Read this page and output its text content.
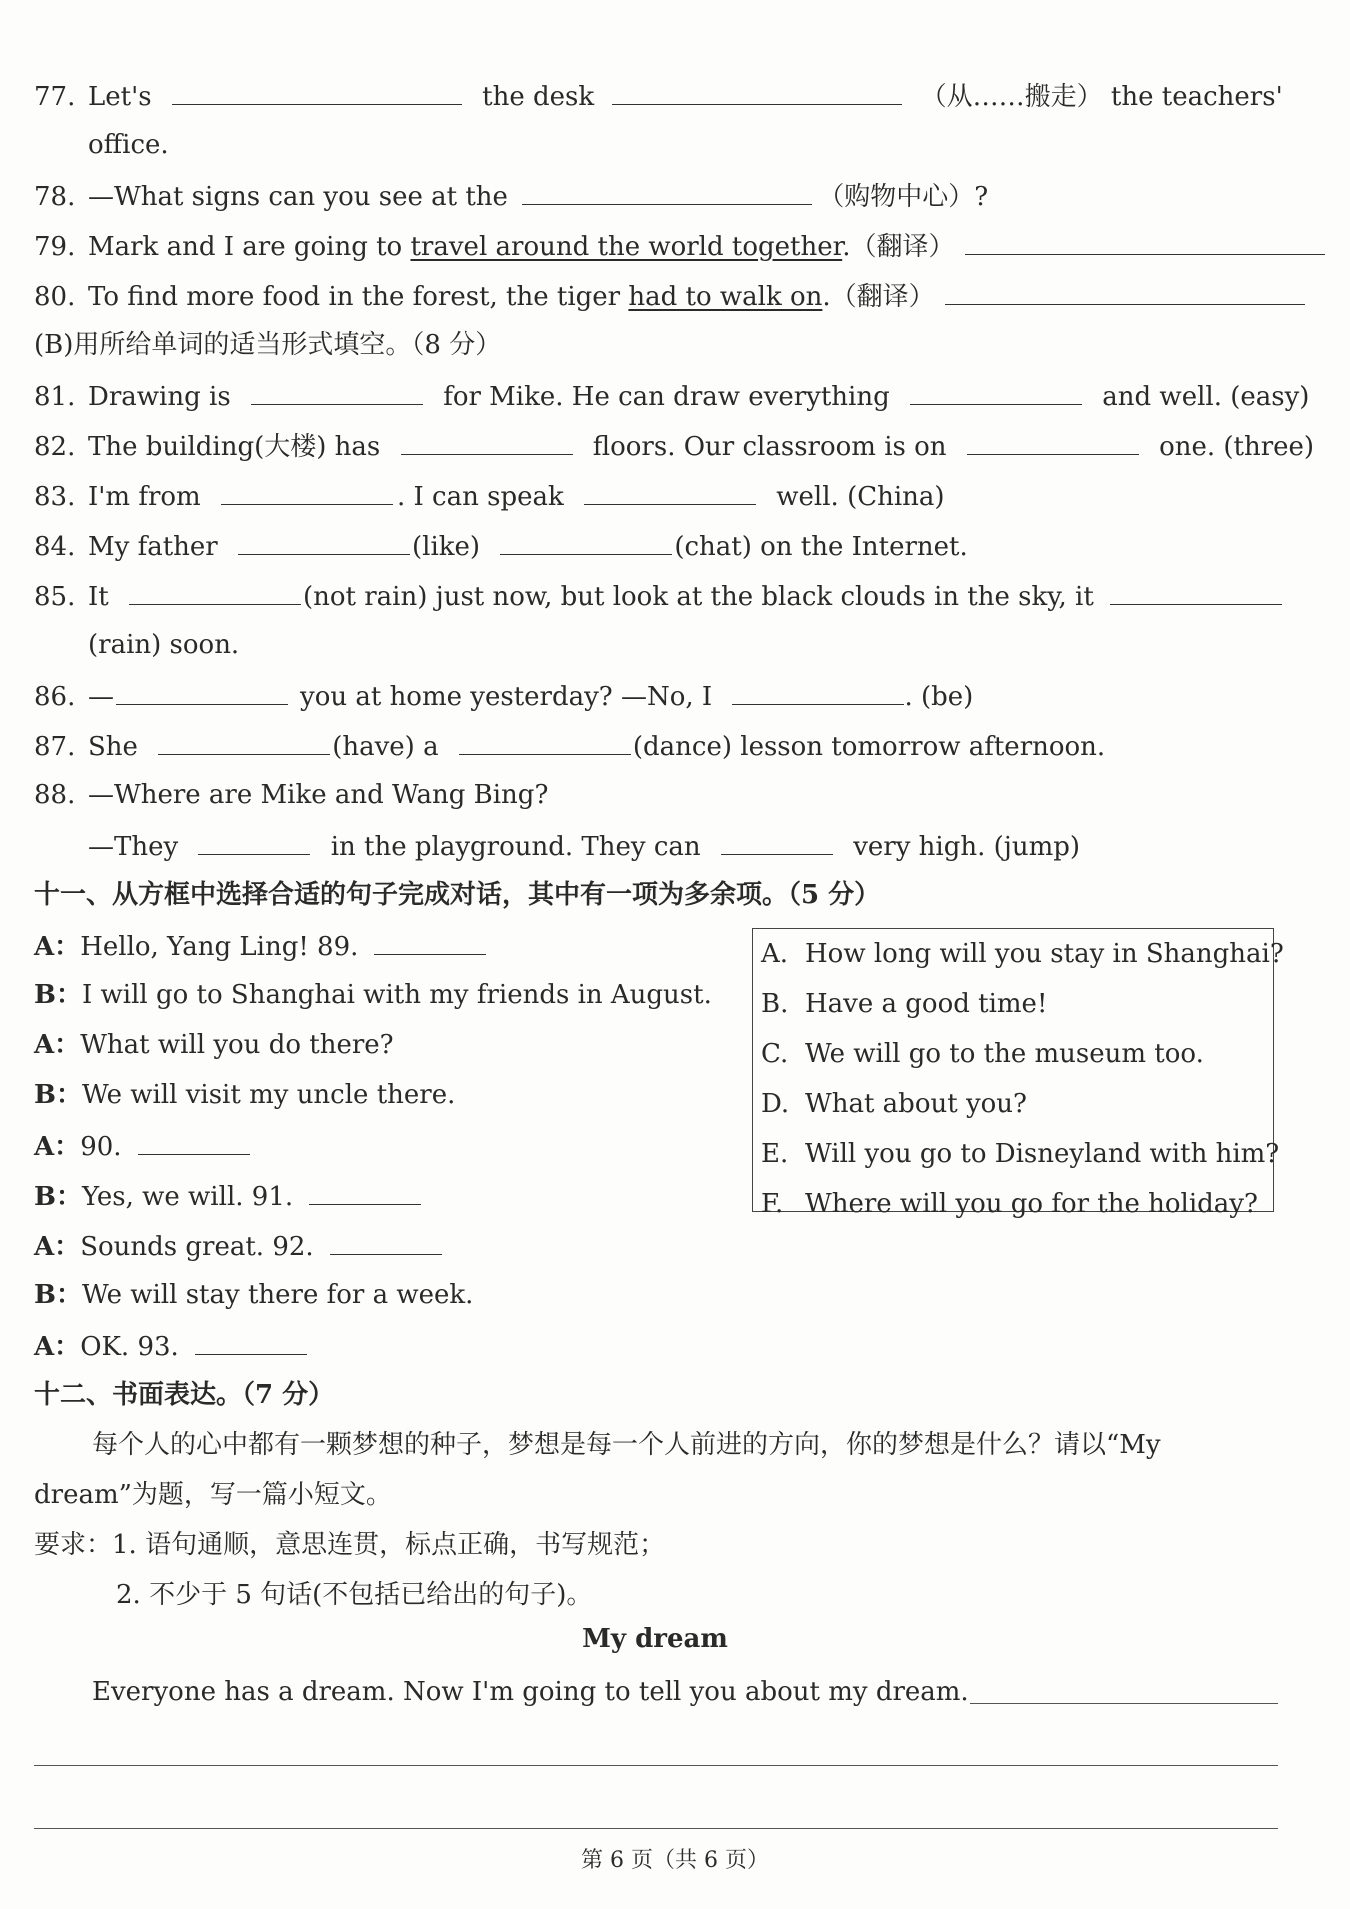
77. Let's	the desk	（从……搬走） the teachers'
office.
78. —What signs can you see at the	（购物中心）?
79. Mark and I are going to travel around the world together.（翻译）
80. To find more food in the forest, the tiger had to walk on.（翻译）
(B)用所给单词的适当形式填空。（8 分）
81. Drawing is	for Mike. He can draw everything	and well. (easy)
82. The building(大楼) has	floors. Our classroom is on	one. (three)
83. I'm from	. I can speak	well. (China)
84. My father	(like)	(chat) on the Internet.
85. It	(not rain) just now, but look at the black clouds in the sky, it
(rain) soon.
86. —	you at home yesterday? —No, I	. (be)
87. She	(have) a	(dance) lesson tomorrow afternoon.
88. —Where are Mike and Wang Bing?
—They	in the playground. They can	very high. (jump)
十一、从方框中选择合适的句子完成对话，其中有一项为多余项。（5 分）
A：Hello, Yang Ling! 89.
B：I will go to Shanghai with my friends in August.
A：What will you do there?
B：We will visit my uncle there.
A：90.
B：Yes, we will. 91.
A：Sounds great. 92.
B：We will stay there for a week.
A：OK. 93.
A. How long will you stay in Shanghai?
B. Have a good time!
C. We will go to the museum too.
D. What about you?
E. Will you go to Disneyland with him?
F. Where will you go for the holiday?
十二、书面表达。（7 分）
每个人的心中都有一颗梦想的种子，梦想是每一个人前进的方向，你的梦想是什么？请以“My
dream”为题，写一篇小短文。
要求：1. 语句通顺，意思连贯，标点正确，书写规范；
2. 不少于 5 句话(不包括已给出的句子)。
My dream
Everyone has a dream. Now I'm going to tell you about my dream.
第 6 页（共 6 页）
